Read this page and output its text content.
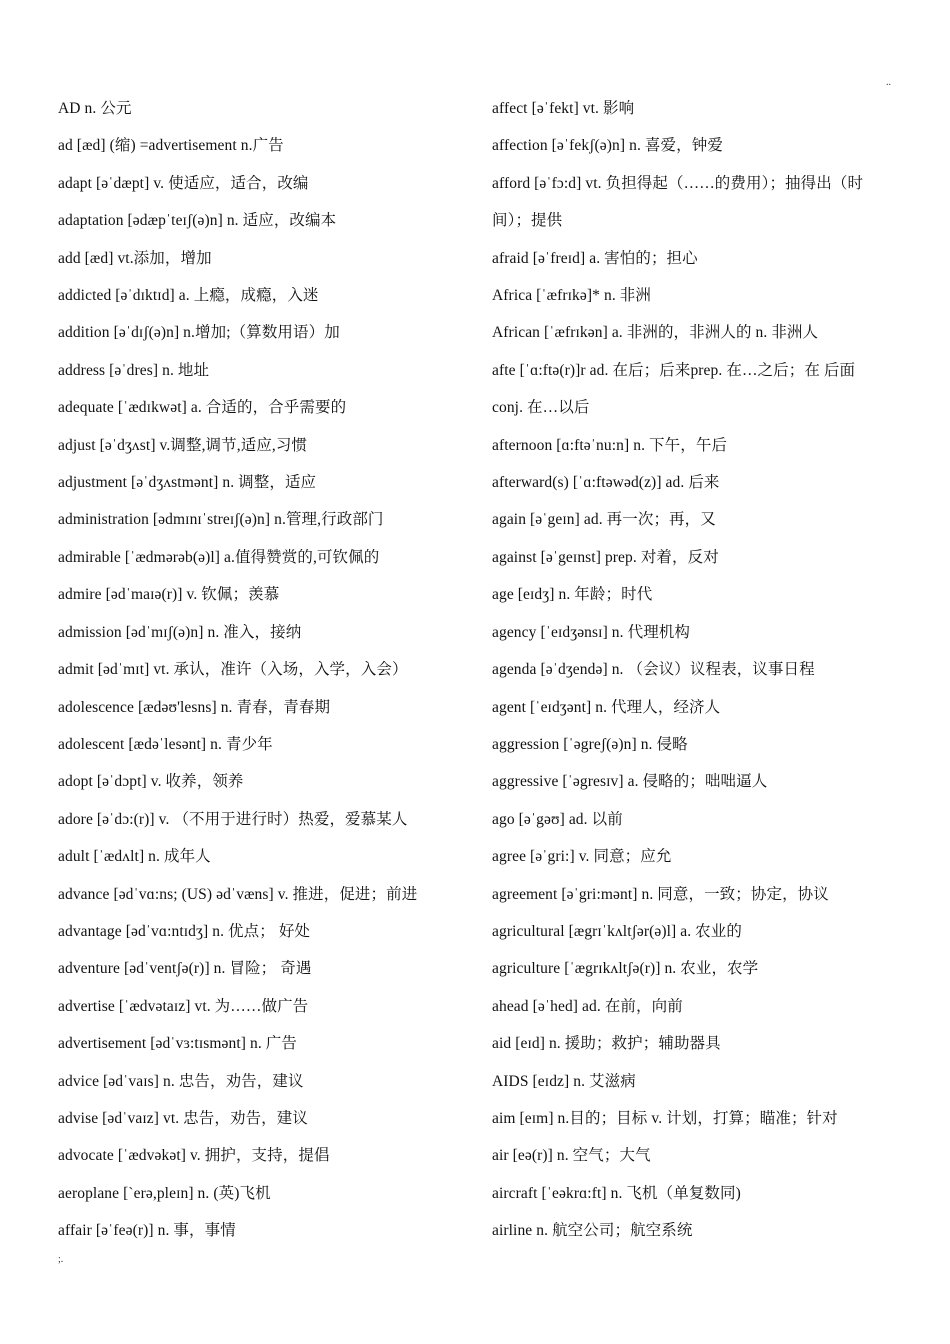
..
AD n. 公元
ad [æd] (缩) =advertisement n.广告
adapt [əˈdæpt] v. 使适应，适合，改编
adaptation [ədæpˈteɪʃ(ə)n] n. 适应，改编本
add [æd] vt.添加，增加
addicted [əˈdɪktɪd] a. 上瘾，成瘾，入迷
addition [əˈdɪʃ(ə)n] n.增加;（算数用语）加
address [əˈdres] n. 地址
adequate [ˈædɪkwət] a. 合适的，合乎需要的
adjust [əˈdʒʌst] v.调整,调节,适应,习惯
adjustment [əˈdʒʌstmənt] n. 调整，适应
administration [ədmɪnɪˈstreɪʃ(ə)n] n.管理,行政部门
admirable [ˈædmərəb(ə)l] a.值得赞赏的,可钦佩的
admire [ədˈmaɪə(r)] v. 钦佩；羡慕
admission [ədˈmɪʃ(ə)n] n. 准入，接纳
admit [ədˈmɪt] vt. 承认，准许（入场，入学，入会）
adolescence [ædəʊ'lesns] n. 青春，青春期
adolescent [ædəˈlesənt] n. 青少年
adopt [əˈdɔpt] v. 收养，领养
adore [əˈdɔ:(r)] v. （不用于进行时）热爱，爱慕某人
adult [ˈædʌlt] n. 成年人
advance [ədˈvɑ:ns; (US) ədˈvæns] v. 推进，促进；前进
advantage [ədˈvɑ:ntɪdʒ] n. 优点； 好处
adventure [ədˈventʃə(r)] n. 冒险； 奇遇
advertise [ˈædvətaɪz] vt. 为……做广告
advertisement [ədˈvɜ:tɪsmənt] n. 广告
advice [ədˈvaɪs] n. 忠告，劝告，建议
advise [ədˈvaɪz] vt. 忠告，劝告，建议
advocate [ˈædvəkət] v. 拥护，支持，提倡
aeroplane [`erə,pleɪn] n. (英)飞机
affair [əˈfeə(r)] n. 事，事情
affect [əˈfekt] vt. 影响
affection [əˈfekʃ(ə)n] n. 喜爱，钟爱
afford [əˈfɔ:d] vt. 负担得起（……的费用）；抽得出（时间）；提供
afraid [əˈfreɪd] a. 害怕的；担心
Africa [ˈæfrɪkə]* n. 非洲
African [ˈæfrɪkən] a. 非洲的，非洲人的 n. 非洲人
afte [ˈɑ:ftə(r)]r ad. 在后；后来prep. 在…之后；在 后面
conj. 在…以后
afternoon [ɑ:ftəˈnu:n] n. 下午，午后
afterward(s) [ˈɑ:ftəwəd(z)] ad. 后来
again [əˈgeɪn] ad. 再一次；再，又
against [əˈgeɪnst] prep. 对着，反对
age [eɪdʒ] n. 年龄；时代
agency [ˈeɪdʒənsɪ] n. 代理机构
agenda [əˈdʒendə] n. （会议）议程表，议事日程
agent [ˈeɪdʒənt] n. 代理人，经济人
aggression [ˈəgreʃ(ə)n] n. 侵略
aggressive [ˈəgresɪv] a. 侵略的；咄咄逼人
ago [əˈgəʊ] ad. 以前
agree [əˈgri:] v. 同意；应允
agreement [əˈgri:mənt] n. 同意，一致；协定，协议
agricultural [ægrɪˈkʌltʃər(ə)l] a. 农业的
agriculture [ˈægrɪkʌltʃə(r)] n. 农业，农学
ahead [əˈhed] ad. 在前，向前
aid [eɪd] n. 援助；救护；辅助器具
AIDS [eɪdz] n. 艾滋病
aim [eɪm] n.目的；目标 v. 计划，打算；瞄准；针对
air [eə(r)] n. 空气；大气
aircraft [ˈeəkrɑ:ft] n. 飞机（单复数同)
airline n. 航空公司；航空系统
;.
